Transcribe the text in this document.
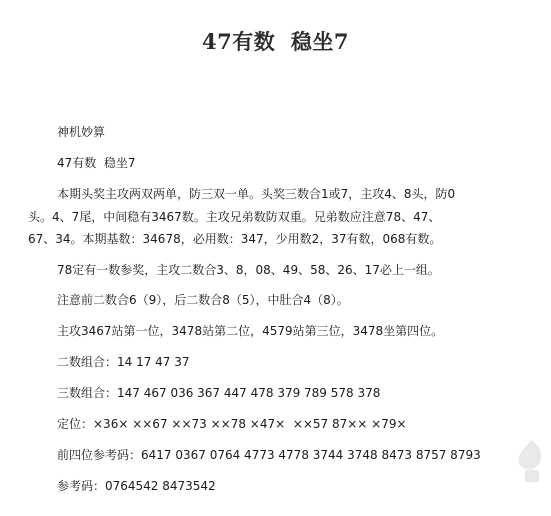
47有数  稳坐7
神机妙算
47有数  稳坐7
本期头奖主攻两双两单，防三双一单。头奖三数合1或7，主攻4、8头，防0
头。4、7尾，中间稳有3467数。主攻兄弟数防双重。兄弟数应注意78、47、
67、34。本期基数：34678，必用数：347，少用数2，37有数，068有数。
78定有一数参奖，主攻二数合3、8，08、49、58、26、17必上一组。
注意前二数合6（9），后二数合8（5），中肚合4（8）。
主攻3467站第一位，3478站第二位，4579站第三位，3478坐第四位。
二数组合：14 17 47 37
三数组合：147 467 036 367 447 478 379 789 578 378
定位：×36× ××67 ××73 ××78 ×47×  ××57 87×× ×79×
前四位参考码：6417 0367 0764 4773 4778 3744 3748 8473 8757 8793
参考码：0764542 8473542
